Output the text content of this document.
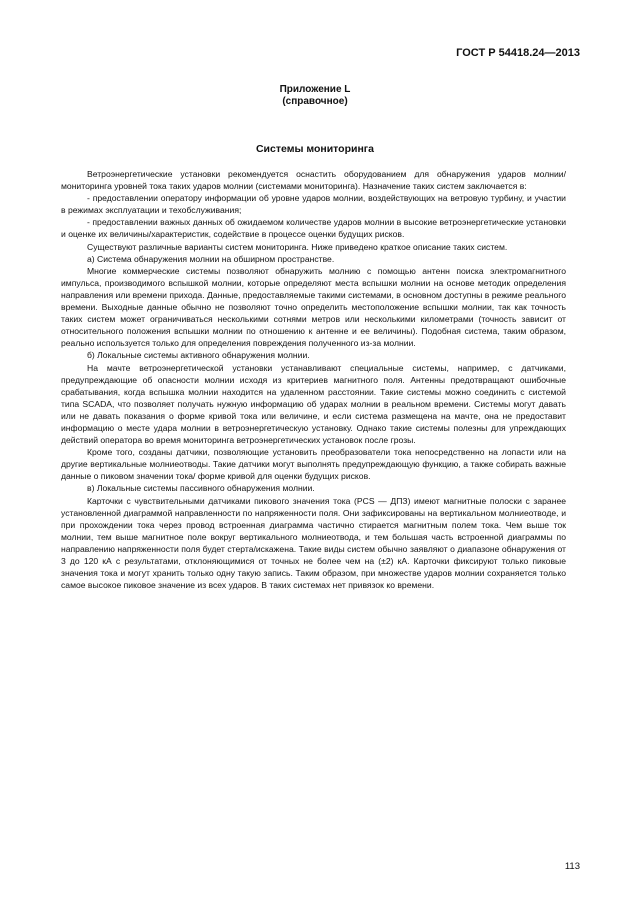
ГОСТ Р 54418.24—2013
Приложение L
(справочное)
Системы мониторинга

Ветроэнергетические установки рекомендуется оснастить оборудованием для обнаружения ударов молнии/мониторинга уровней тока таких ударов молнии (системами мониторинга). Назначение таких систем заключается в:

- предоставлении оператору информации об уровне ударов молнии, воздействующих на ветровую турбину, и участии в режимах эксплуатации и техобслуживания;

- предоставлении важных данных об ожидаемом количестве ударов молнии в высокие ветроэнергетические установки и оценке их величины/характеристик, содействие в процессе оценки будущих рисков.

Существуют различные варианты систем мониторинга. Ниже приведено краткое описание таких систем.

а) Система обнаружения молнии на обширном пространстве.

Многие коммерческие системы позволяют обнаружить молнию с помощью антенн поиска электромагнитного импульса, производимого вспышкой молнии, которые определяют места вспышки молнии на основе методик определения направления или времени прихода. Данные, предоставляемые такими системами, в основном доступны в режиме реального времени. Выходные данные обычно не позволяют точно определить местоположение вспышки молнии, так как точность таких систем может ограничиваться несколькими сотнями метров или несколькими километрами (точность зависит от относительного положения вспышки молнии по отношению к антенне и ее величины). Подобная система, таким образом, реально используется только для определения повреждения полученного из-за молнии.

б) Локальные системы активного обнаружения молнии.

На мачте ветроэнергетической установки устанавливают специальные системы, например, с датчиками, предупреждающие об опасности молнии исходя из критериев магнитного поля. Антенны предотвращают ошибочные срабатывания, когда вспышка молнии находится на удаленном расстоянии. Такие системы можно соединить с системой типа SCADA, что позволяет получать нужную информацию об ударах молнии в реальном времени. Системы могут давать или не давать показания о форме кривой тока или величине, и если система размещена на мачте, она не предоставит информацию о месте удара молнии в ветроэнергетическую установку. Однако такие системы полезны для упреждающих действий оператора во время мониторинга ветроэнергетических установок после грозы.

Кроме того, созданы датчики, позволяющие установить преобразователи тока непосредственно на лопасти или на другие вертикальные молниеотводы. Такие датчики могут выполнять предупреждающую функцию, а также собирать важные данные о пиковом значении тока/ форме кривой для оценки будущих рисков.

в) Локальные системы пассивного обнаружения молнии.

Карточки с чувствительными датчиками пикового значения тока (PCS — ДПЗ) имеют магнитные полоски с заранее установленной диаграммой направленности по напряженности поля. Они зафиксированы на вертикальном молниеотводе, и при прохождении тока через провод встроенная диаграмма частично стирается магнитным полем тока. Чем выше ток молнии, тем выше магнитное поле вокруг вертикального молниеотвода, и тем большая часть встроенной диаграммы по направлению напряженности поля будет стерта/искажена. Такие виды систем обычно заявляют о диапазоне обнаружения от 3 до 120 кА с результатами, отклоняющимися от точных не более чем на (±2) кА. Карточки фиксируют только пиковые значения тока и могут хранить только одну такую запись. Таким образом, при множестве ударов молнии сохраняется только самое высокое пиковое значение из всех ударов. В таких системах нет привязок ко времени.

113
